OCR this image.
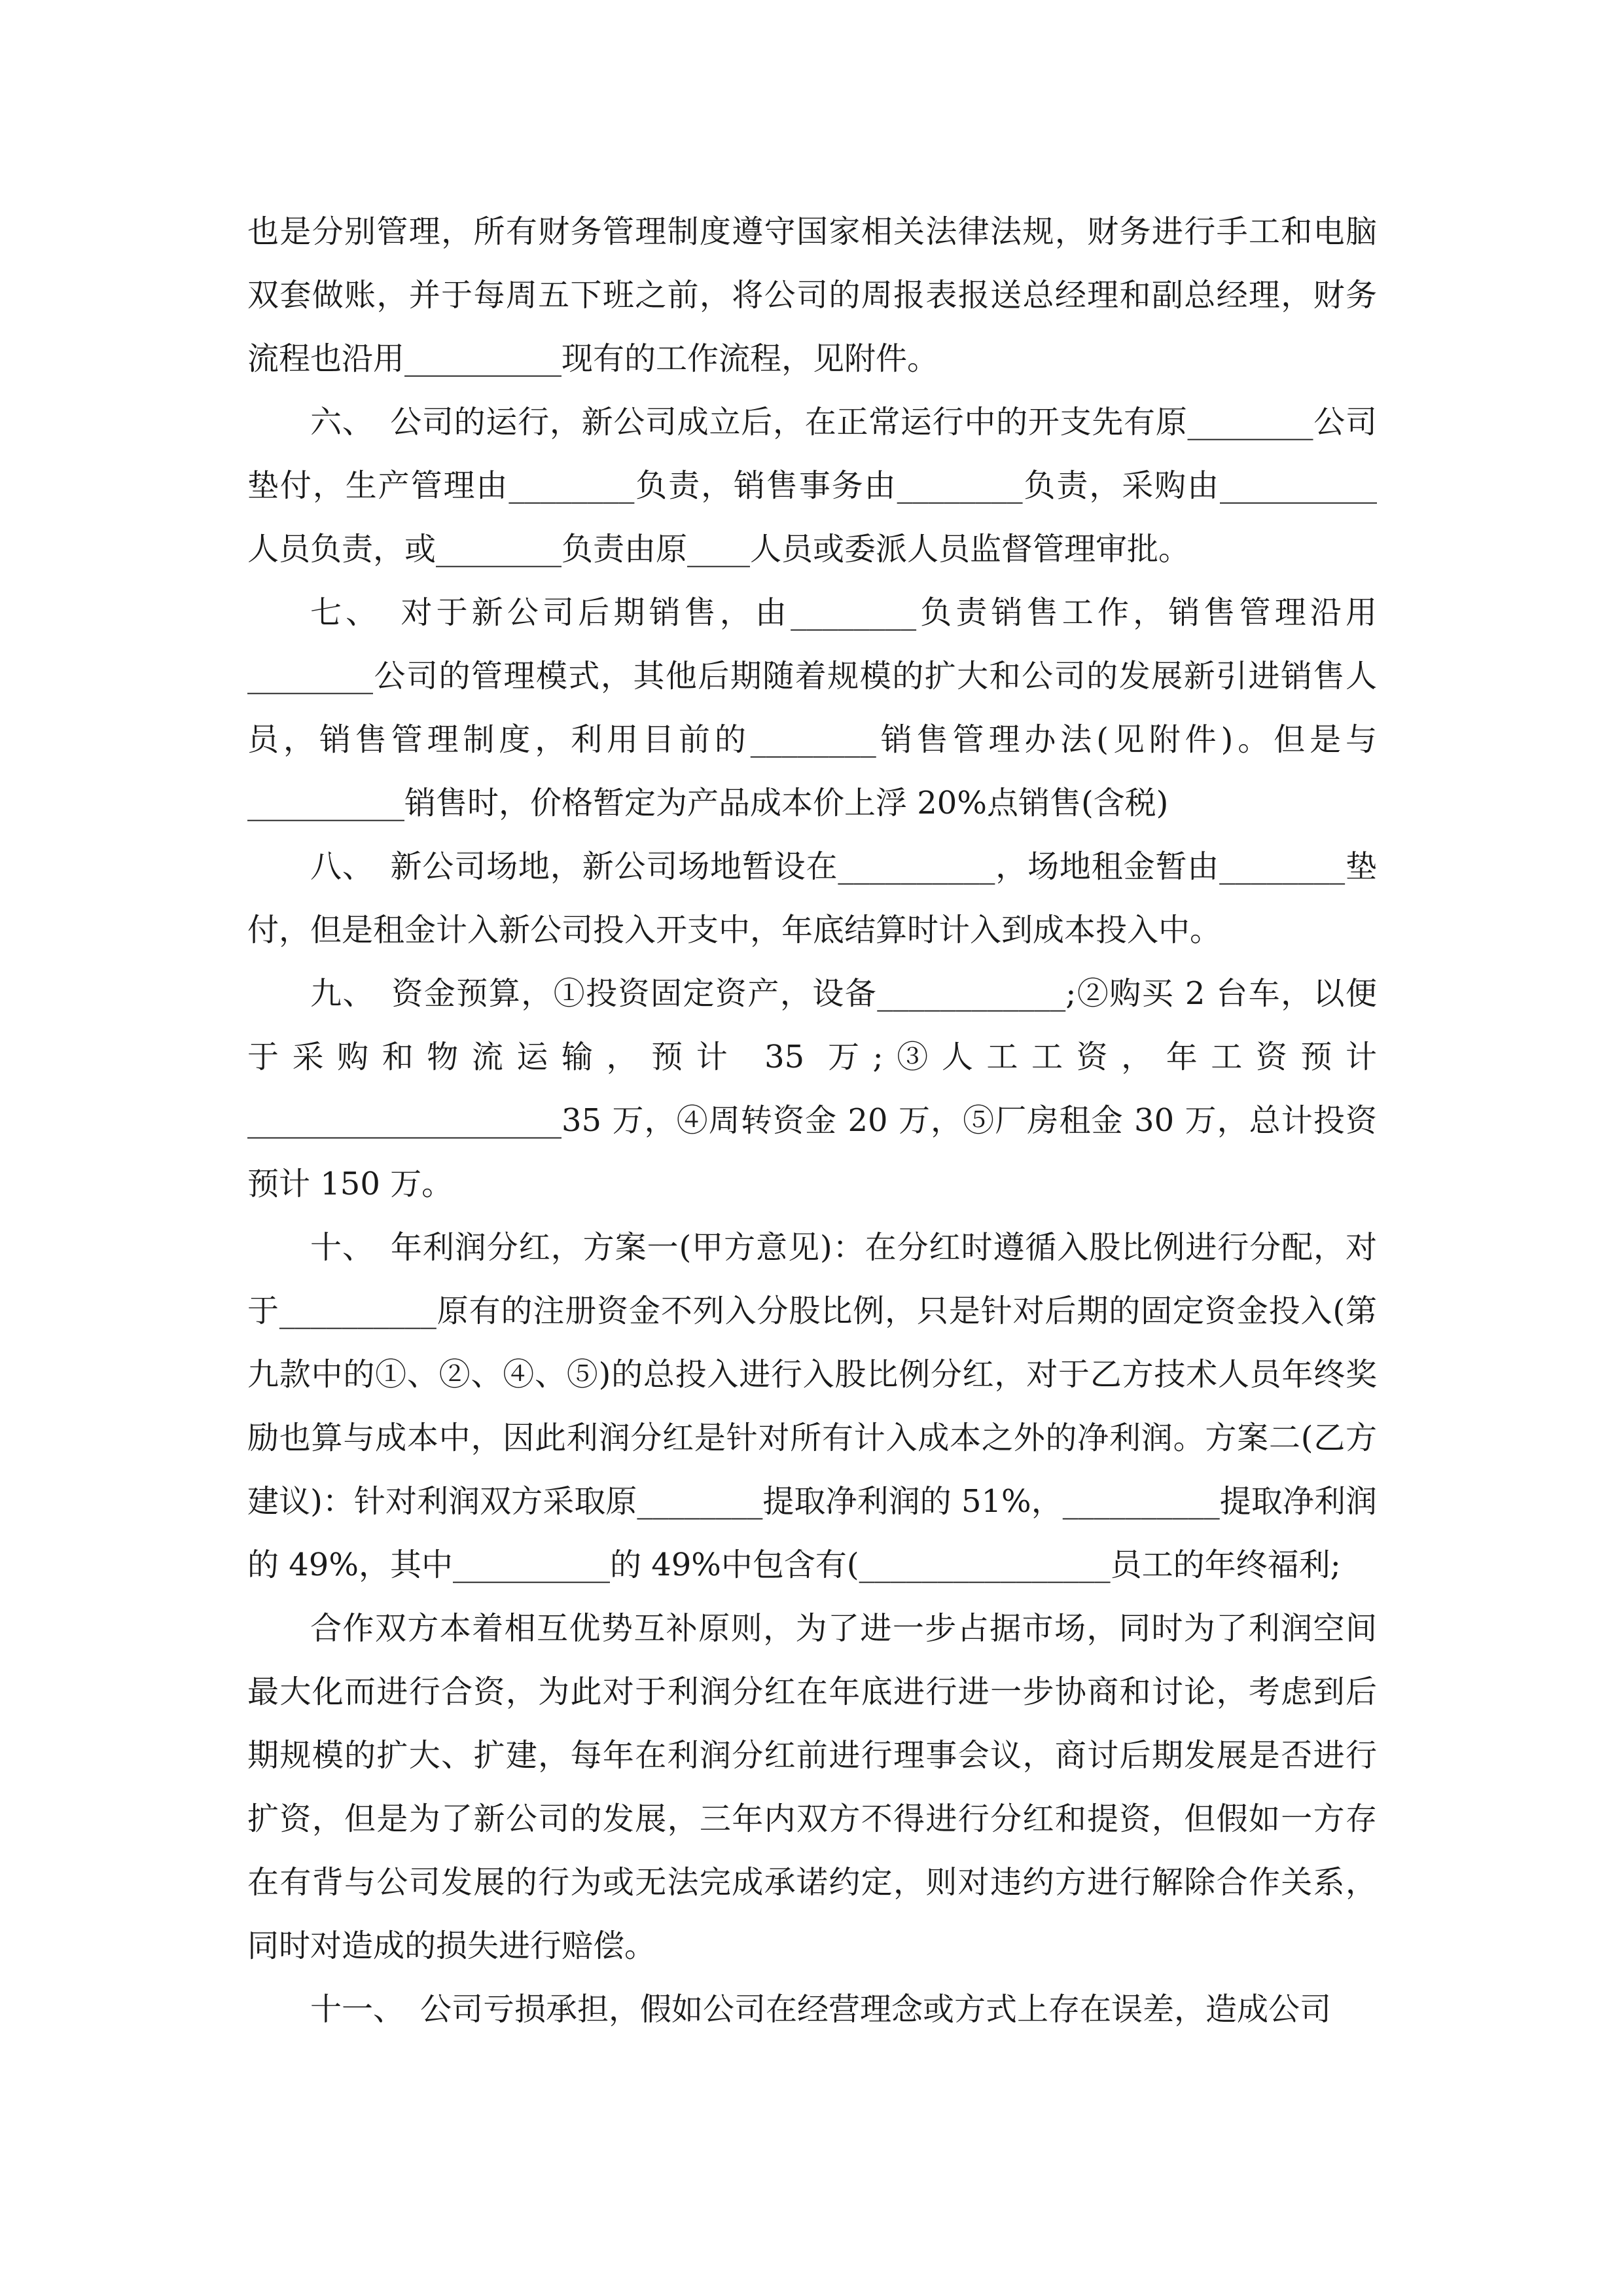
也是分别管理，所有财务管理制度遵守国家相关法律法规，财务进行手工和电脑双套做账，并于每周五下班之前，将公司的周报表报送总经理和副总经理，财务流程也沿用__________现有的工作流程，见附件。

六、　公司的运行，新公司成立后，在正常运行中的开支先有原________公司垫付，生产管理由________负责，销售事务由________负责，采购由__________人员负责，或________负责由原____人员或委派人员监督管理审批。

七、　对于新公司后期销售，由________负责销售工作，销售管理沿用________公司的管理模式，其他后期随着规模的扩大和公司的发展新引进销售人员，销售管理制度，利用目前的________销售管理办法(见附件)。但是与__________销售时，价格暂定为产品成本价上浮 20%点销售(含税)

八、　新公司场地，新公司场地暂设在__________，场地租金暂由________垫付，但是租金计入新公司投入开支中，年底结算时计入到成本投入中。

九、　资金预算，①投资固定资产，设备____________;②购买 2 台车，以便于采购和物流运输，预计 35 万;③人工工资，年工资预计____________________35 万，④周转资金 20 万，⑤厂房租金 30 万，总计投资预计 150 万。

十、　年利润分红，方案一(甲方意见)：在分红时遵循入股比例进行分配，对于__________原有的注册资金不列入分股比例，只是针对后期的固定资金投入(第九款中的①、②、④、⑤)的总投入进行入股比例分红，对于乙方技术人员年终奖励也算与成本中，因此利润分红是针对所有计入成本之外的净利润。方案二(乙方建议)：针对利润双方采取原________提取净利润的 51%，__________提取净利润的 49%，其中__________的 49%中包含有(________________员工的年终福利;

合作双方本着相互优势互补原则，为了进一步占据市场，同时为了利润空间最大化而进行合资，为此对于利润分红在年底进行进一步协商和讨论，考虑到后期规模的扩大、扩建，每年在利润分红前进行理事会议，商讨后期发展是否进行扩资，但是为了新公司的发展，三年内双方不得进行分红和提资，但假如一方存在有背与公司发展的行为或无法完成承诺约定，则对违约方进行解除合作关系，同时对造成的损失进行赔偿。

十一、　公司亏损承担，假如公司在经营理念或方式上存在误差，造成公司
